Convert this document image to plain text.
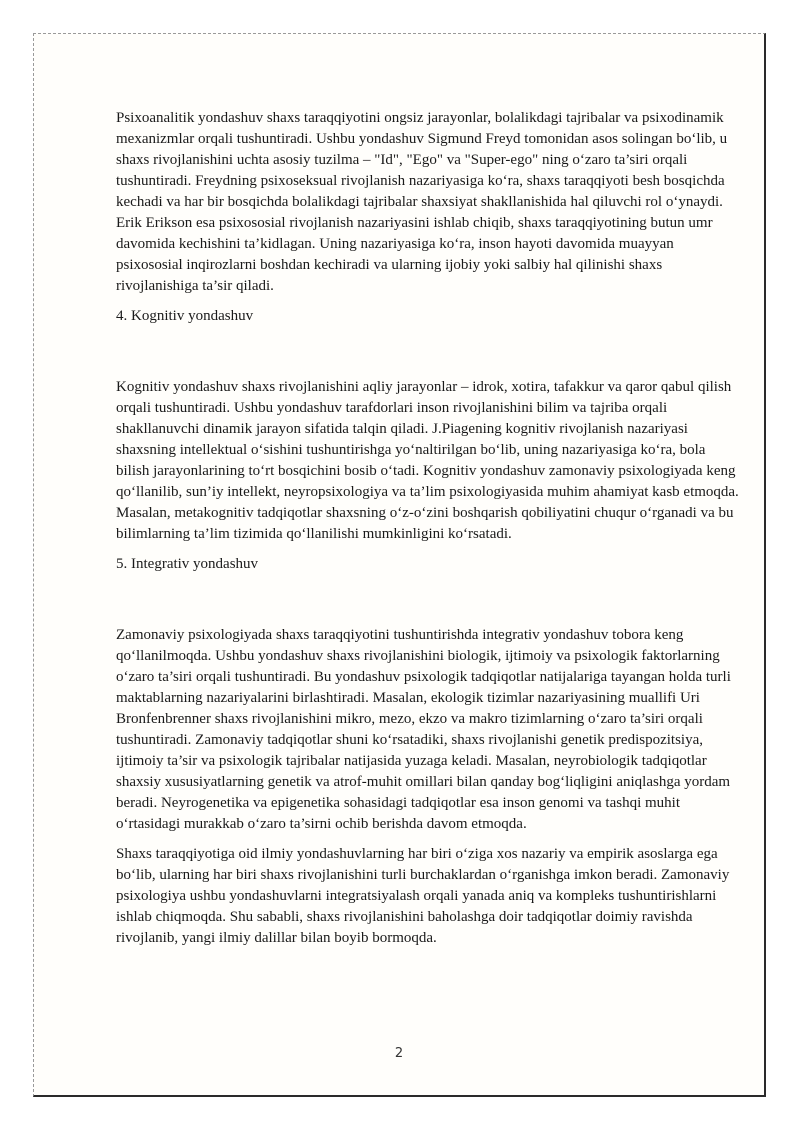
Psixoanalitik yondashuv shaxs taraqqiyotini ongsiz jarayonlar, bolalikdagi tajribalar va psixodinamik mexanizmlar orqali tushuntiradi. Ushbu yondashuv Sigmund Freyd tomonidan asos solingan bo‘lib, u shaxs rivojlanishini uchta asosiy tuzilma – "Id", "Ego" va "Super-ego" ning o‘zaro ta’siri orqali tushuntiradi. Freydning psixoseksual rivojlanish nazariyasiga ko‘ra, shaxs taraqqiyoti besh bosqichda kechadi va har bir bosqichda bolalikdagi tajribalar shaxsiyat shakllanishida hal qiluvchi rol o‘ynaydi. Erik Erikson esa psixososial rivojlanish nazariyasini ishlab chiqib, shaxs taraqqiyotining butun umr davomida kechishini ta’kidlagan. Uning nazariyasiga ko‘ra, inson hayoti davomida muayyan psixososial inqirozlarni boshdan kechiradi va ularning ijobiy yoki salbiy hal qilinishi shaxs rivojlanishiga ta’sir qiladi.

4. Kognitiv yondashuv

Kognitiv yondashuv shaxs rivojlanishini aqliy jarayonlar – idrok, xotira, tafakkur va qaror qabul qilish orqali tushuntiradi. Ushbu yondashuv tarafdorlari inson rivojlanishini bilim va tajriba orqali shakllanuvchi dinamik jarayon sifatida talqin qiladi. J.Piagening kognitiv rivojlanish nazariyasi shaxsning intellektual o‘sishini tushuntirishga yo‘naltirilgan bo‘lib, uning nazariyasiga ko‘ra, bola bilish jarayonlarining to‘rt bosqichini bosib o‘tadi. Kognitiv yondashuv zamonaviy psixologiyada keng qo‘llanilib, sun’iy intellekt, neyropsixologiya va ta’lim psixologiyasida muhim ahamiyat kasb etmoqda. Masalan, metakognitiv tadqiqotlar shaxsning o‘z-o‘zini boshqarish qobiliyatini chuqur o‘rganadi va bu bilimlarning ta’lim tizimida qo‘llanilishi mumkinligini ko‘rsatadi.

5. Integrativ yondashuv

Zamonaviy psixologiyada shaxs taraqqiyotini tushuntirishda integrativ yondashuv tobora keng qo‘llanilmoqda. Ushbu yondashuv shaxs rivojlanishini biologik, ijtimoiy va psixologik faktorlarning o‘zaro ta’siri orqali tushuntiradi. Bu yondashuv psixologik tadqiqotlar natijalariga tayangan holda turli maktablarning nazariyalarini birlashtiradi. Masalan, ekologik tizimlar nazariyasining muallifi Uri Bronfenbrenner shaxs rivojlanishini mikro, mezo, ekzo va makro tizimlarning o‘zaro ta’siri orqali tushuntiradi. Zamonaviy tadqiqotlar shuni ko‘rsatadiki, shaxs rivojlanishi genetik predispozitsiya, ijtimoiy ta’sir va psixologik tajribalar natijasida yuzaga keladi. Masalan, neyrobiologik tadqiqotlar shaxsiy xususiyatlarning genetik va atrof-muhit omillari bilan qanday bog‘liqligini aniqlashga yordam beradi. Neyrogenetika va epigenetika sohasidagi tadqiqotlar esa inson genomi va tashqi muhit o‘rtasidagi murakkab o‘zaro ta’sirni ochib berishda davom etmoqda.

Shaxs taraqqiyotiga oid ilmiy yondashuvlarning har biri o‘ziga xos nazariy va empirik asoslarga ega bo‘lib, ularning har biri shaxs rivojlanishini turli burchaklardan o‘rganishga imkon beradi. Zamonaviy psixologiya ushbu yondashuvlarni integratsiyalash orqali yanada aniq va kompleks tushuntirishlarni ishlab chiqmoqda. Shu sababli, shaxs rivojlanishini baholashga doir tadqiqotlar doimiy ravishda rivojlanib, yangi ilmiy dalillar bilan boyib bormoqda.

2
